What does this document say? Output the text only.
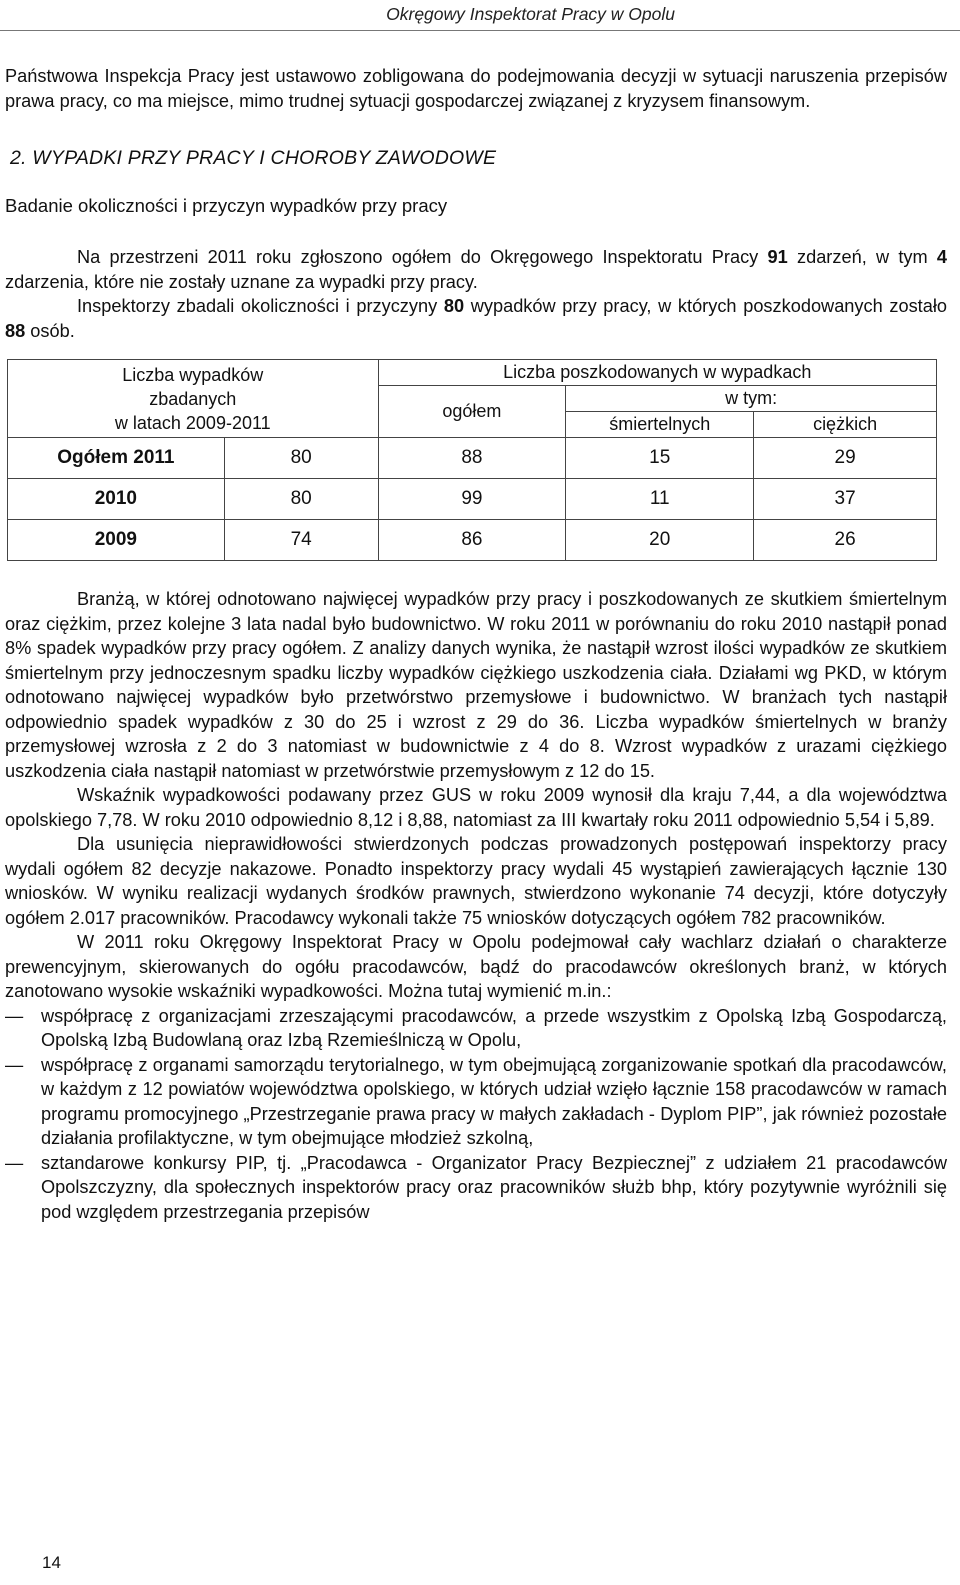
Okręgowy Inspektorat Pracy w Opolu

Państwowa Inspekcja Pracy jest ustawowo zobligowana do podejmowania decyzji w sytuacji naruszenia przepisów prawa pracy, co ma miejsce, mimo trudnej sytuacji gospodarczej związanej z kryzysem finansowym.

2. WYPADKI PRZY PRACY I CHOROBY ZAWODOWE

Badanie okoliczności i przyczyn wypadków przy pracy

Na przestrzeni 2011 roku zgłoszono ogółem do Okręgowego Inspektoratu Pracy 91 zdarzeń, w tym 4 zdarzenia, które nie zostały uznane za wypadki przy pracy.

Inspektorzy zbadali okoliczności i przyczyny 80 wypadków przy pracy, w których poszkodowanych zostało 88 osób.

Liczba wypadków
zbadanych
w latach 2009-2011		Liczba poszkodowanych w wypadkach		
		ogółem	w tym:	
			śmiertelnych	ciężkich
Ogółem 2011	80	88	15	29
2010	80	99	11	37
2009	74	86	20	26

Branżą, w której odnotowano najwięcej wypadków przy pracy i poszkodowanych ze skutkiem śmiertelnym oraz ciężkim, przez kolejne 3 lata nadal było budownictwo. W roku 2011 w porównaniu do roku 2010 nastąpił ponad 8% spadek wypadków przy pracy ogółem. Z analizy danych wynika, że nastąpił wzrost ilości wypadków ze skutkiem śmiertelnym przy jednoczesnym spadku liczby wypadków ciężkiego uszkodzenia ciała. Działami wg PKD, w którym odnotowano najwięcej wypadków było przetwórstwo przemysłowe i budownictwo. W branżach tych nastąpił odpowiednio spadek wypadków z 30 do 25 i wzrost z 29 do 36. Liczba wypadków śmiertelnych w branży przemysłowej wzrosła z 2 do 3 natomiast w budownictwie z 4 do 8. Wzrost wypadków z urazami ciężkiego uszkodzenia ciała nastąpił natomiast w przetwórstwie przemysłowym z 12 do 15.

Wskaźnik wypadkowości podawany przez GUS w roku 2009 wynosił dla kraju 7,44, a dla województwa opolskiego 7,78. W roku 2010 odpowiednio 8,12 i 8,88, natomiast za III kwartały roku 2011 odpowiednio 5,54 i 5,89.

Dla usunięcia nieprawidłowości stwierdzonych podczas prowadzonych postępowań inspektorzy pracy wydali ogółem 82 decyzje nakazowe. Ponadto inspektorzy pracy wydali 45 wystąpień zawierających łącznie 130 wniosków. W wyniku realizacji wydanych środków prawnych, stwierdzono wykonanie 74 decyzji, które dotyczyły ogółem 2.017 pracowników. Pracodawcy wykonali także 75 wniosków dotyczących ogółem 782 pracowników.

W 2011 roku Okręgowy Inspektorat Pracy w Opolu podejmował cały wachlarz działań o charakterze prewencyjnym, skierowanych do ogółu pracodawców, bądź do pracodawców określonych branż, w których zanotowano wysokie wskaźniki wypadkowości. Można tutaj wymienić m.in.:

— współpracę z organizacjami zrzeszającymi pracodawców, a przede wszystkim z Opolską Izbą Gospodarczą, Opolską Izbą Budowlaną oraz Izbą Rzemieślniczą w Opolu,
— współpracę z organami samorządu terytorialnego, w tym obejmującą zorganizowanie spotkań dla pracodawców, w każdym z 12 powiatów województwa opolskiego, w których udział wzięło łącznie 158 pracodawców w ramach programu promocyjnego „Przestrzeganie prawa pracy w małych zakładach - Dyplom PIP”, jak również pozostałe działania profilaktyczne, w tym obejmujące młodzież szkolną,
— sztandarowe konkursy PIP, tj. „Pracodawca - Organizator Pracy Bezpiecznej” z udziałem 21 pracodawców Opolszczyzny, dla społecznych inspektorów pracy oraz pracowników służb bhp, który pozytywnie wyróżnili się pod względem przestrzegania przepisów
14
